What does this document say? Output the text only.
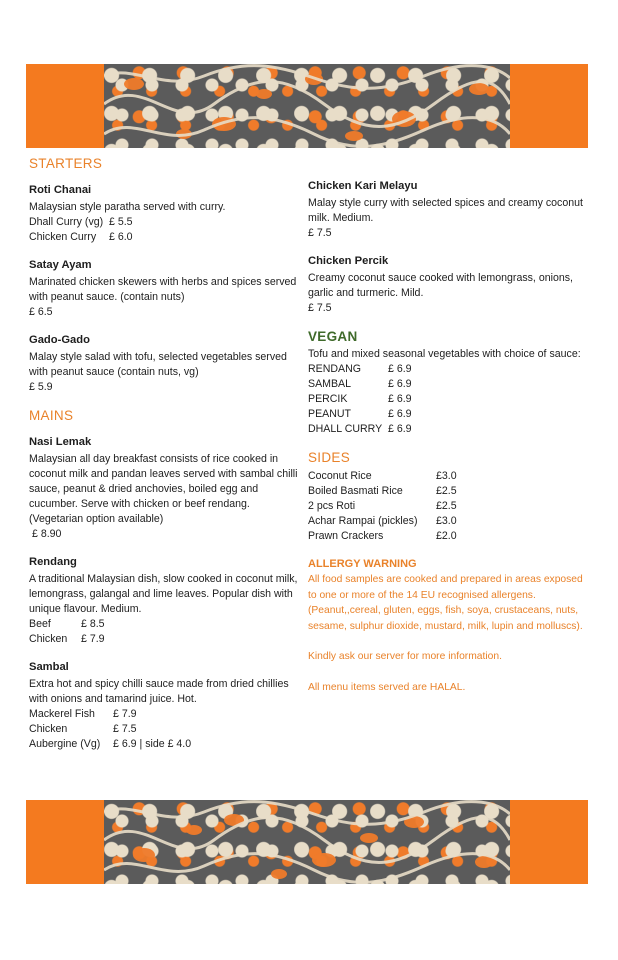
STARTERS
Roti Chanai
Malaysian style paratha served with curry.
Dhall Curry (vg) £ 5.5
Chicken Curry	£ 6.0
Satay Ayam
Marinated chicken skewers with herbs and spices served with peanut sauce. (contain nuts)
£ 6.5
Gado-Gado
Malay style salad with tofu, selected vegetables served with peanut sauce (contain nuts, vg)
£ 5.9
MAINS
Nasi Lemak
Malaysian all day breakfast consists of rice cooked in coconut milk and pandan leaves served with sambal chilli sauce, peanut & dried anchovies, boiled egg and cucumber. Serve with chicken or beef rendang. (Vegetarian option available)
£ 8.90
Rendang
A traditional Malaysian dish, slow cooked in coconut milk, lemongrass, galangal and lime leaves. Popular dish with unique flavour. Medium.
Beef	£ 8.5
Chicken	£ 7.9
Sambal
Extra hot and spicy chilli sauce made from dried chillies with onions and tamarind juice. Hot.
Mackerel Fish	£ 7.9
Chicken	£ 7.5
Aubergine (Vg)	£ 6.9 | side £ 4.0
Chicken Kari Melayu
Malay style curry with selected spices and creamy coconut milk. Medium.
£ 7.5
Chicken Percik
Creamy coconut sauce cooked with lemongrass, onions, garlic and turmeric. Mild.
£ 7.5
VEGAN
Tofu and mixed seasonal vegetables with choice of sauce:
RENDANG	£ 6.9
SAMBAL	£ 6.9
PERCIK	£ 6.9
PEANUT	£ 6.9
DHALL CURRY £ 6.9
SIDES
Coconut Rice	£3.0
Boiled Basmati Rice	£2.5
2 pcs Roti	£2.5
Achar Rampai (pickles)	£3.0
Prawn Crackers	£2.0
ALLERGY WARNING
All food samples are cooked and prepared in areas exposed to one or more of the 14 EU recognised allergens. (Peanut,,cereal, gluten, eggs, fish, soya, crustaceans, nuts, sesame, sulphur dioxide, mustard, milk, lupin and molluscs).
Kindly ask our server for more information.
All menu items served are HALAL.
